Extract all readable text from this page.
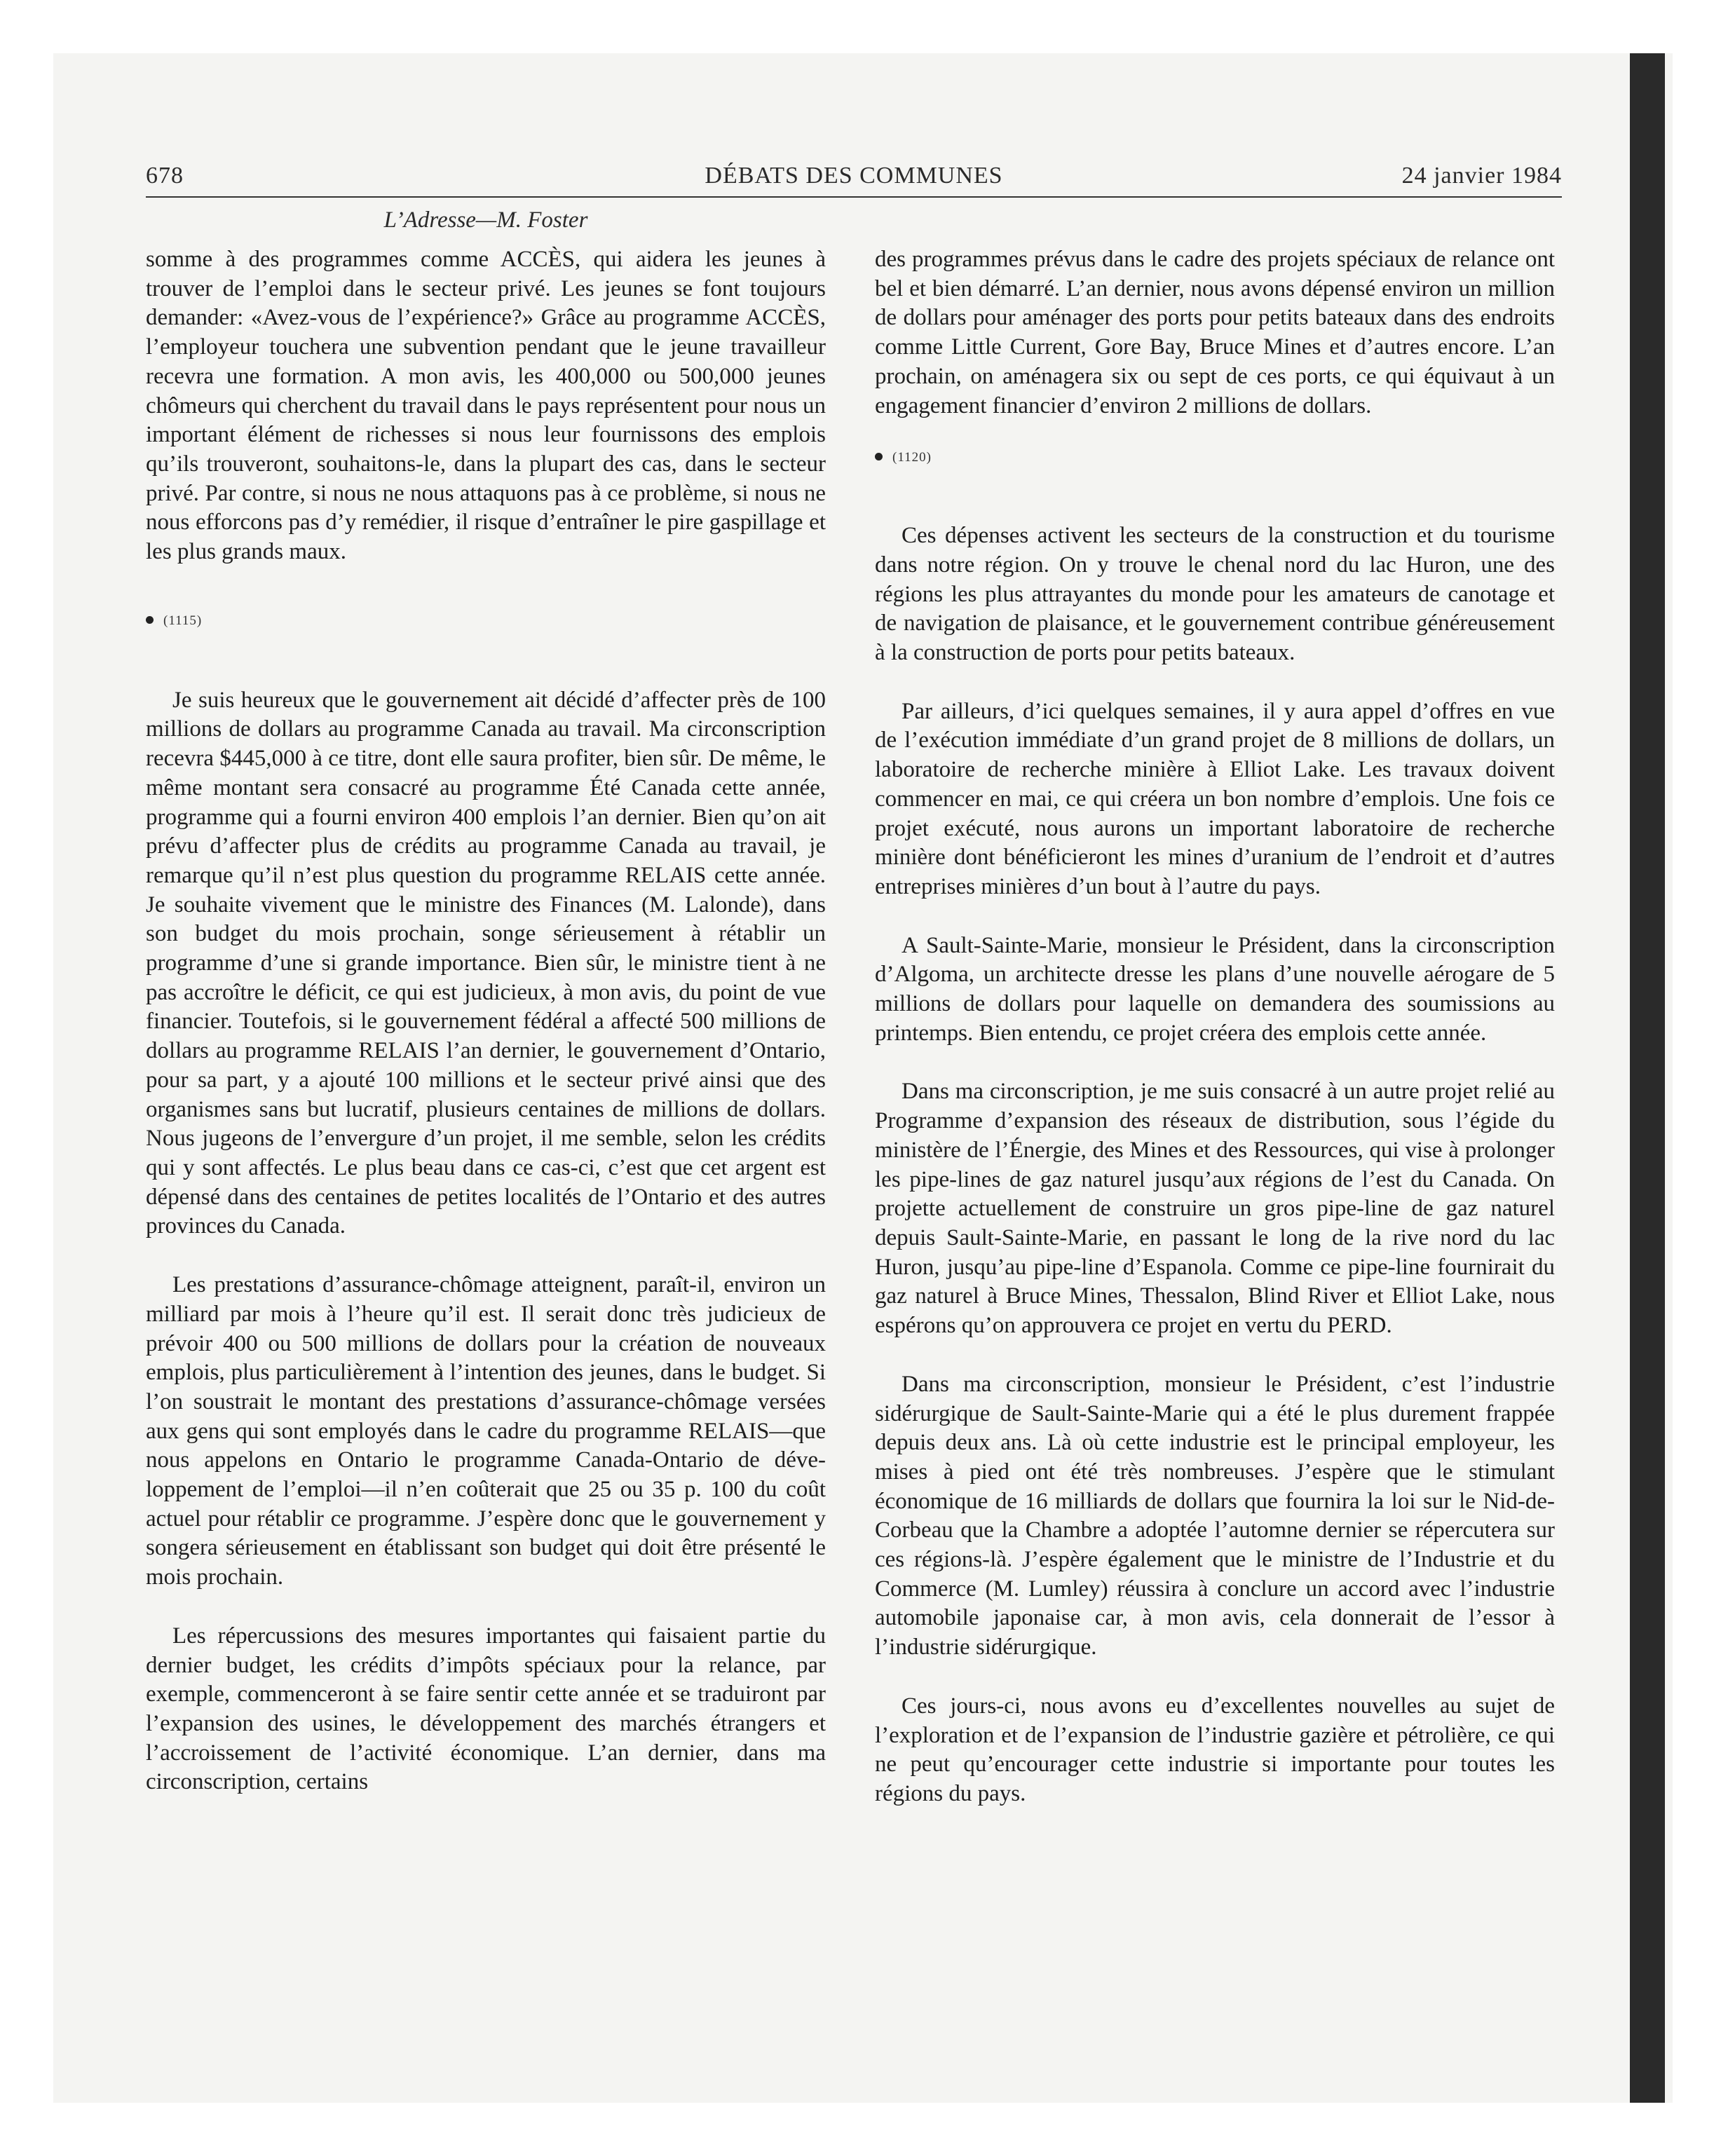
678	DÉBATS DES COMMUNES	24 janvier 1984
L’Adresse—M. Foster

somme à des programmes comme ACCÈS, qui aidera les jeunes à trouver de l’emploi dans le secteur privé. Les jeunes se font toujours demander: «Avez-vous de l’expérience?» Grâce au programme ACCÈS, l’employeur touchera une subvention pendant que le jeune travailleur recevra une formation. A mon avis, les 400,000 ou 500,000 jeunes chômeurs qui cherchent du travail dans le pays représentent pour nous un important élément de richesses si nous leur fournissons des emplois qu’ils trouveront, souhaitons-le, dans la plupart des cas, dans le secteur privé. Par contre, si nous ne nous attaquons pas à ce problème, si nous ne nous efforcons pas d’y remédier, il risque d’entraîner le pire gaspillage et les plus grands maux.

(1115)

Je suis heureux que le gouvernement ait décidé d’affecter près de 100 millions de dollars au programme Canada au travail. Ma circonscription recevra $445,000 à ce titre, dont elle saura profiter, bien sûr. De même, le même montant sera consacré au programme Été Canada cette année, programme qui a fourni environ 400 emplois l’an dernier. Bien qu’on ait prévu d’affecter plus de crédits au programme Canada au travail, je remarque qu’il n’est plus question du programme RELAIS cette année. Je souhaite vivement que le ministre des Finances (M. Lalonde), dans son budget du mois prochain, songe sérieusement à rétablir un programme d’une si grande importance. Bien sûr, le ministre tient à ne pas accroître le déficit, ce qui est judicieux, à mon avis, du point de vue financier. Toutefois, si le gouvernement fédéral a affecté 500 millions de dollars au programme RELAIS l’an dernier, le gouvernement d’Ontario, pour sa part, y a ajouté 100 millions et le secteur privé ainsi que des organismes sans but lucratif, plusieurs centaines de millions de dollars. Nous jugeons de l’envergure d’un projet, il me semble, selon les crédits qui y sont affectés. Le plus beau dans ce cas-ci, c’est que cet argent est dépensé dans des centaines de petites localités de l’Ontario et des autres provinces du Canada.

Les prestations d’assurance-chômage atteignent, paraît-il, environ un milliard par mois à l’heure qu’il est. Il serait donc très judicieux de prévoir 400 ou 500 millions de dollars pour la création de nouveaux emplois, plus particulièrement à l’intention des jeunes, dans le budget. Si l’on soustrait le montant des prestations d’assurance-chômage versées aux gens qui sont employés dans le cadre du programme RELAIS—que nous appelons en Ontario le programme Canada-Ontario de développement de l’emploi—il n’en coûterait que 25 ou 35 p. 100 du coût actuel pour rétablir ce programme. J’espère donc que le gouvernement y songera sérieusement en établissant son budget qui doit être présenté le mois prochain.

Les répercussions des mesures importantes qui faisaient partie du dernier budget, les crédits d’impôts spéciaux pour la relance, par exemple, commenceront à se faire sentir cette année et se traduiront par l’expansion des usines, le développement des marchés étrangers et l’accroissement de l’activité économique. L’an dernier, dans ma circonscription, certains

des programmes prévus dans le cadre des projets spéciaux de relance ont bel et bien démarré. L’an dernier, nous avons dépensé environ un million de dollars pour aménager des ports pour petits bateaux dans des endroits comme Little Current, Gore Bay, Bruce Mines et d’autres encore. L’an prochain, on aménagera six ou sept de ces ports, ce qui équivaut à un engagement financier d’environ 2 millions de dollars.

(1120)

Ces dépenses activent les secteurs de la construction et du tourisme dans notre région. On y trouve le chenal nord du lac Huron, une des régions les plus attrayantes du monde pour les amateurs de canotage et de navigation de plaisance, et le gouvernement contribue généreusement à la construction de ports pour petits bateaux.

Par ailleurs, d’ici quelques semaines, il y aura appel d’offres en vue de l’exécution immédiate d’un grand projet de 8 millions de dollars, un laboratoire de recherche minière à Elliot Lake. Les travaux doivent commencer en mai, ce qui créera un bon nombre d’emplois. Une fois ce projet exécuté, nous aurons un important laboratoire de recherche minière dont bénéficieront les mines d’uranium de l’endroit et d’autres entreprises minières d’un bout à l’autre du pays.

A Sault-Sainte-Marie, monsieur le Président, dans la circonscription d’Algoma, un architecte dresse les plans d’une nouvelle aérogare de 5 millions de dollars pour laquelle on demandera des soumissions au printemps. Bien entendu, ce projet créera des emplois cette année.

Dans ma circonscription, je me suis consacré à un autre projet relié au Programme d’expansion des réseaux de distribution, sous l’égide du ministère de l’Énergie, des Mines et des Ressources, qui vise à prolonger les pipe-lines de gaz naturel jusqu’aux régions de l’est du Canada. On projette actuellement de construire un gros pipe-line de gaz naturel depuis Sault-Sainte-Marie, en passant le long de la rive nord du lac Huron, jusqu’au pipe-line d’Espanola. Comme ce pipe-line fournirait du gaz naturel à Bruce Mines, Thessalon, Blind River et Elliot Lake, nous espérons qu’on approuvera ce projet en vertu du PERD.

Dans ma circonscription, monsieur le Président, c’est l’industrie sidérurgique de Sault-Sainte-Marie qui a été le plus durement frappée depuis deux ans. Là où cette industrie est le principal employeur, les mises à pied ont été très nombreuses. J’espère que le stimulant économique de 16 milliards de dollars que fournira la loi sur le Nid-de-Corbeau que la Chambre a adoptée l’automne dernier se répercutera sur ces régions-là. J’espère également que le ministre de l’Industrie et du Commerce (M. Lumley) réussira à conclure un accord avec l’industrie automobile japonaise car, à mon avis, cela donnerait de l’essor à l’industrie sidérurgique.

Ces jours-ci, nous avons eu d’excellentes nouvelles au sujet de l’exploration et de l’expansion de l’industrie gazière et pétrolière, ce qui ne peut qu’encourager cette industrie si importante pour toutes les régions du pays.
